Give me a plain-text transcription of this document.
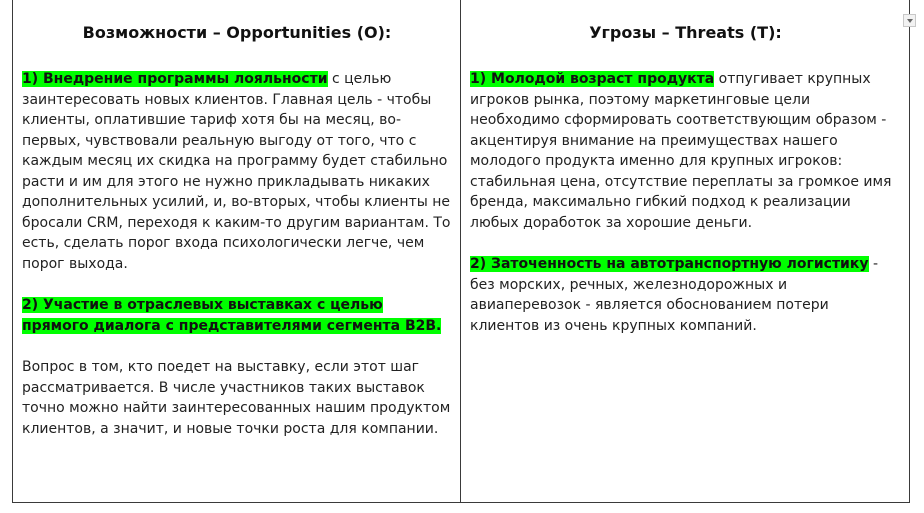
Возможности – Opportunities (O):
1) Внедрение программы лояльности с целью заинтересовать новых клиентов. Главная цель - чтобы клиенты, оплатившие тариф хотя бы на месяц, во-первых, чувствовали реальную выгоду от того, что с каждым месяц их скидка на программу будет стабильно расти и им для этого не нужно прикладывать никаких дополнительных усилий, и, во-вторых, чтобы клиенты не бросали CRM, переходя к каким-то другим вариантам. То есть, сделать порог входа психологически легче, чем порог выхода.
2) Участие в отраслевых выставках с целью прямого диалога с представителями сегмента B2B.
Вопрос в том, кто поедет на выставку, если этот шаг рассматривается. В числе участников таких выставок точно можно найти заинтересованных нашим продуктом клиентов, а значит, и новые точки роста для компании.
Угрозы – Threats (T):
1) Молодой возраст продукта отпугивает крупных игроков рынка, поэтому маркетинговые цели необходимо сформировать соответствующим образом - акцентируя внимание на преимуществах нашего молодого продукта именно для крупных игроков: стабильная цена, отсутствие переплаты за громкое имя бренда, максимально гибкий подход к реализации любых доработок за хорошие деньги.
2) Заточенность на автотранспортную логистику - без морских, речных, железнодорожных и авиаперевозок - является обоснованием потери клиентов из очень крупных компаний.
